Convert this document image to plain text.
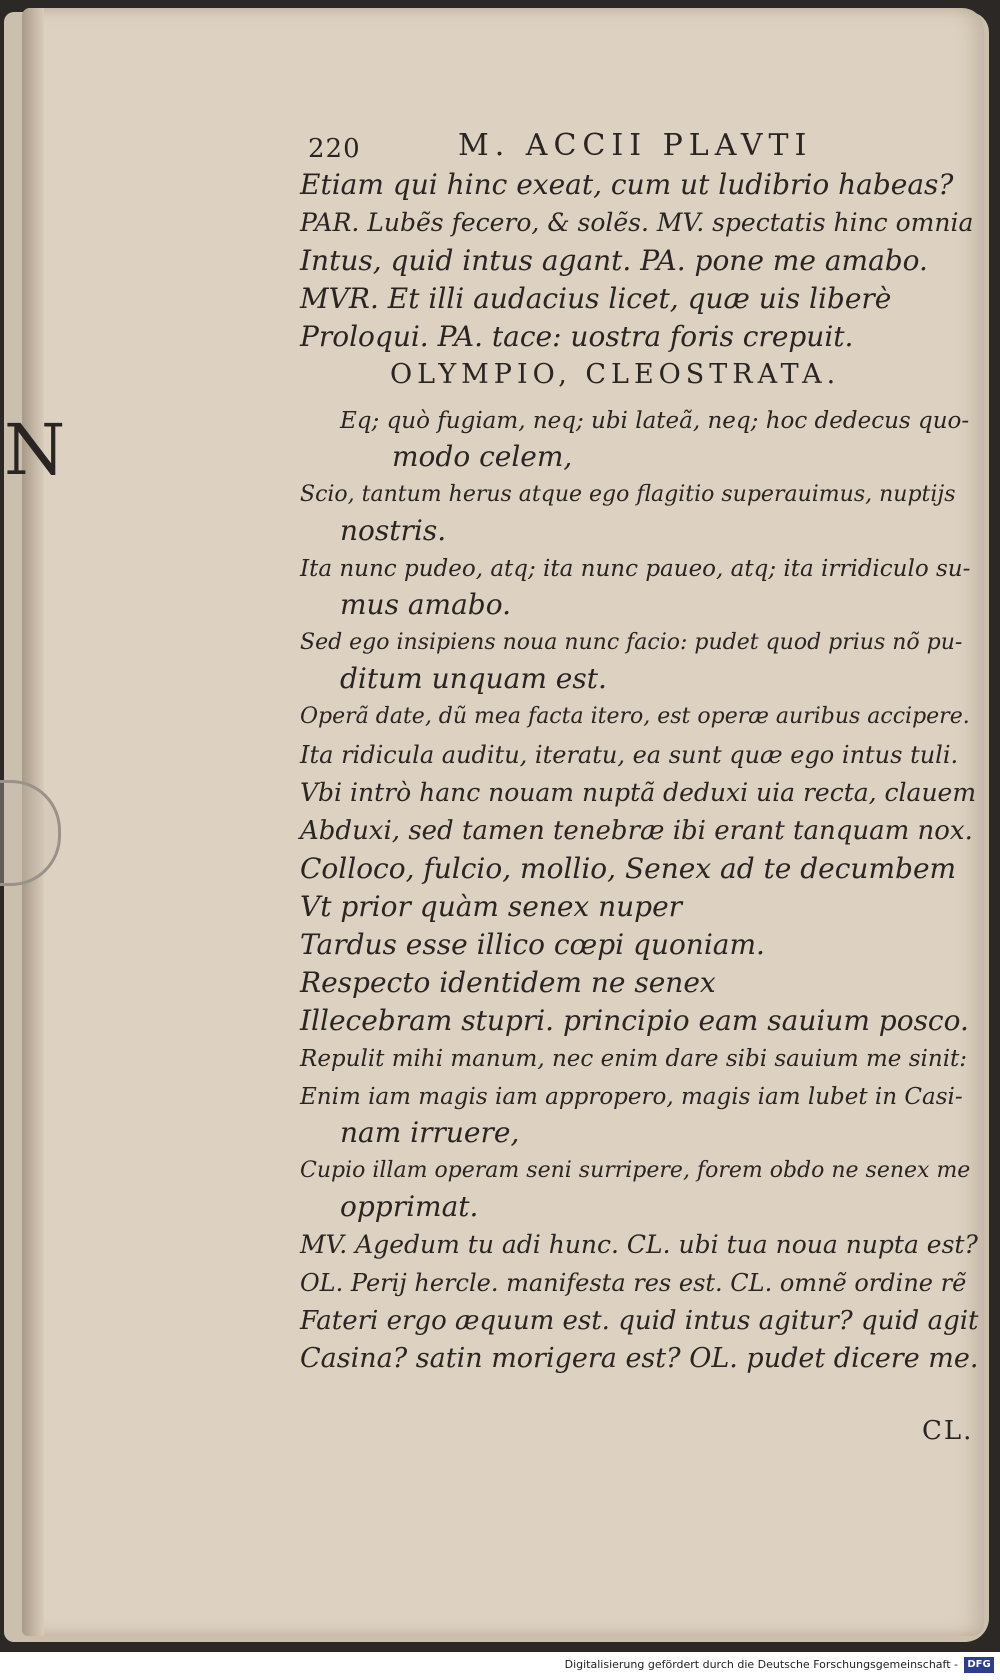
220	M. ACCII PLAVTI
N
Etiam qui hinc exeat, cum ut ludibrio habeas?
PAR. Lubẽs fecero, & solẽs. MV. spectatis hinc omnia
Intus, quid intus agant. PA. pone me amabo.
MVR. Et illi audacius licet, quæ uis liberè
Proloqui. PA. tace: uostra foris crepuit.
OLYMPIO, CLEOSTRATA.
Eq; quò fugiam, neq; ubi lateã, neq; hoc dedecus quo-
modo celem,
Scio, tantum herus atque ego flagitio superauimus, nuptijs
nostris.
Ita nunc pudeo, atq; ita nunc paueo, atq; ita irridiculo su-
mus amabo.
Sed ego insipiens noua nunc facio: pudet quod prius nõ pu-
ditum unquam est.
Operã date, dũ mea facta itero, est operæ auribus accipere.
Ita ridicula auditu, iteratu, ea sunt quæ ego intus tuli.
Vbi intrò hanc nouam nuptã deduxi uia recta, clauem
Abduxi, sed tamen tenebræ ibi erant tanquam nox.
Colloco, fulcio, mollio, Senex ad te decumbem
Vt prior quàm senex nuper
Tardus esse illico cœpi quoniam.
Respecto identidem ne senex
Illecebram stupri. principio eam sauium posco.
Repulit mihi manum, nec enim dare sibi sauium me sinit:
Enim iam magis iam appropero, magis iam lubet in Casi-
nam irruere,
Cupio illam operam seni surripere, forem obdo ne senex me
opprimat.
MV. Agedum tu adi hunc. CL. ubi tua noua nupta est?
OL. Perij hercle. manifesta res est. CL. omnẽ ordine rẽ
Fateri ergo æquum est. quid intus agitur? quid agit
Casina? satin morigera est? OL. pudet dicere me.
CL.
Digitalisierung gefördert durch die Deutsche Forschungsgemeinschaft - DFG
